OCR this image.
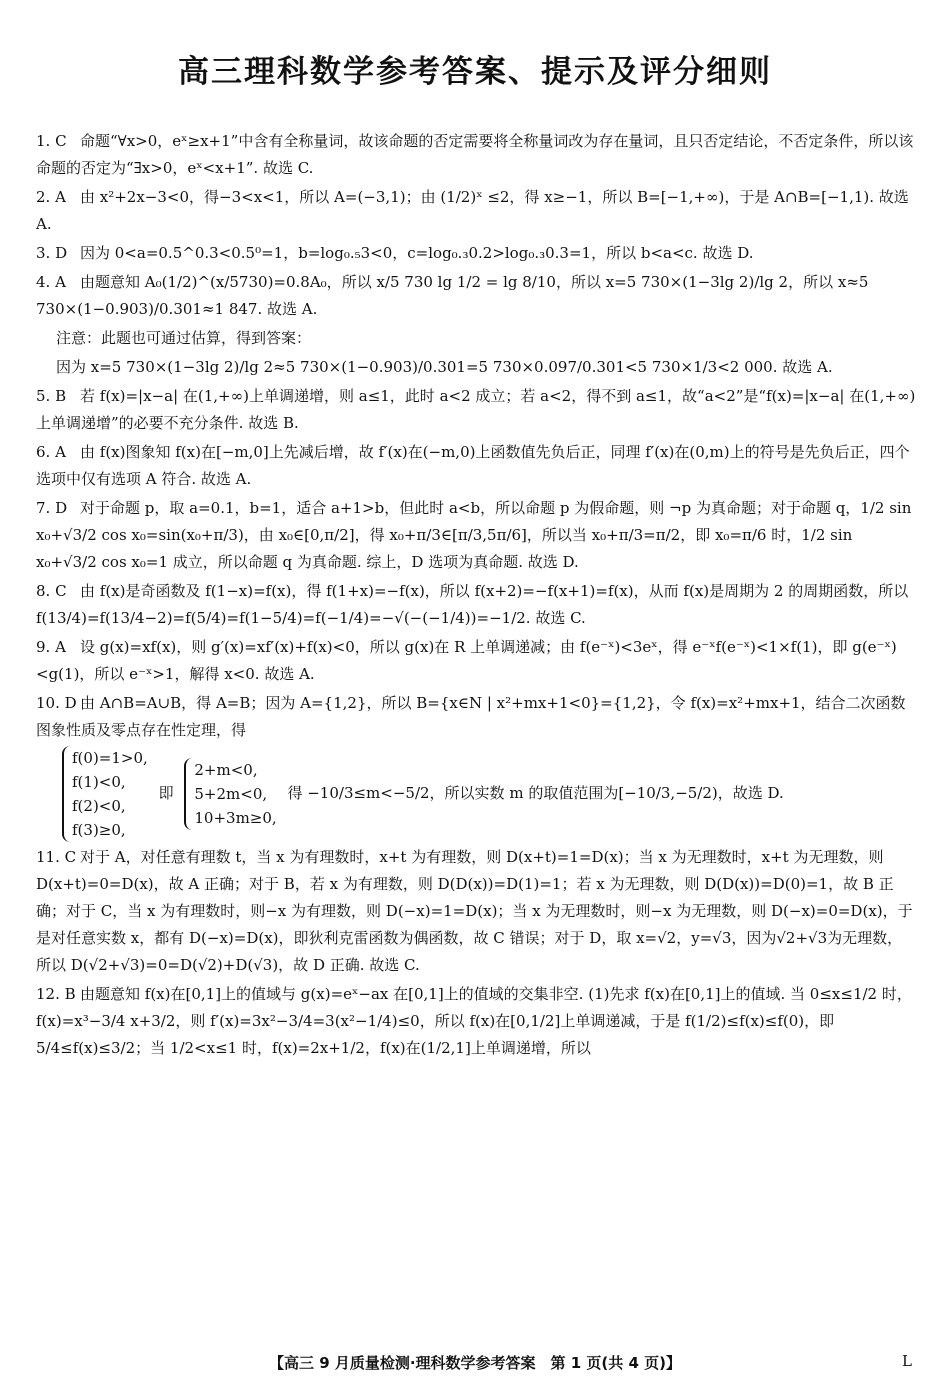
高三理科数学参考答案、提示及评分细则
1. C 命题“∀x>0，eˣ≥x+1”中含有全称量词，故该命题的否定需要将全称量词改为存在量词，且只否定结论，不否定条件，所以该命题的否定为“∃x>0，eˣ<x+1”. 故选 C.
2. A 由 x²+2x−3<0，得−3<x<1，所以 A=(−3,1)；由 (1/2)ˣ ≤2，得 x≥−1，所以 B=[−1,+∞)，于是 A∩B=[−1,1). 故选 A.
3. D 因为 0<a=0.5^0.3<0.5⁰=1，b=log₀.₅3<0，c=log₀.₃0.2>log₀.₃0.3=1，所以 b<a<c. 故选 D.
4. A 由题意知 A₀(1/2)^(x/5730)=0.8A₀，所以 x/5 730 lg 1/2 = lg 8/10，所以 x=5 730×(1−3lg 2)/lg 2，所以 x≈5 730×(1−0.903)/0.301≈1 847. 故选 A.
注意：此题也可通过估算，得到答案：
因为 x=5 730×(1−3lg 2)/lg 2≈5 730×(1−0.903)/0.301=5 730×0.097/0.301<5 730×1/3<2 000. 故选 A.
5. B 若 f(x)=|x−a| 在(1,+∞)上单调递增，则 a≤1，此时 a<2 成立；若 a<2，得不到 a≤1，故“a<2”是“f(x)=|x−a| 在(1,+∞)上单调递增”的必要不充分条件. 故选 B.
6. A 由 f(x)图象知 f(x)在[−m,0]上先减后增，故 f′(x)在(−m,0)上函数值先负后正，同理 f′(x)在(0,m)上的符号是先负后正，四个选项中仅有选项 A 符合. 故选 A.
7. D 对于命题 p，取 a=0.1，b=1，适合 a+1>b，但此时 a<b，所以命题 p 为假命题，则 ¬p 为真命题；对于命题 q，1/2 sin x₀+√3/2 cos x₀=sin(x₀+π/3)，由 x₀∈[0,π/2]，得 x₀+π/3∈[π/3,5π/6]，所以当 x₀+π/3=π/2，即 x₀=π/6 时，1/2 sin x₀+√3/2 cos x₀=1 成立，所以命题 q 为真命题. 综上，D 选项为真命题. 故选 D.
8. C 由 f(x)是奇函数及 f(1−x)=f(x)，得 f(1+x)=−f(x)，所以 f(x+2)=−f(x+1)=f(x)，从而 f(x)是周期为 2 的周期函数，所以 f(13/4)=f(13/4−2)=f(5/4)=f(1−5/4)=f(−1/4)=−√(−(−1/4))=−1/2. 故选 C.
9. A 设 g(x)=xf(x)，则 g′(x)=xf′(x)+f(x)<0，所以 g(x)在 R 上单调递减；由 f(e⁻ˣ)<3eˣ，得 e⁻ˣf(e⁻ˣ)<1×f(1)，即 g(e⁻ˣ)<g(1)，所以 e⁻ˣ>1，解得 x<0. 故选 A.
10. D 由 A∩B=A∪B，得 A=B；因为 A={1,2}，所以 B={x∈N | x²+mx+1<0}={1,2}，令 f(x)=x²+mx+1，结合二次函数图象性质及零点存在性定理，得
f(0)=1>0,
f(1)<0,
f(2)<0,
f(3)≥0,
即
2+m<0,
5+2m<0,
10+3m≥0,
得 −10/3≤m<−5/2，所以实数 m 的取值范围为[−10/3,−5/2)，故选 D.
11. C 对于 A，对任意有理数 t，当 x 为有理数时，x+t 为有理数，则 D(x+t)=1=D(x)；当 x 为无理数时，x+t 为无理数，则 D(x+t)=0=D(x)，故 A 正确；对于 B，若 x 为有理数，则 D(D(x))=D(1)=1；若 x 为无理数，则 D(D(x))=D(0)=1，故 B 正确；对于 C，当 x 为有理数时，则−x 为有理数，则 D(−x)=1=D(x)；当 x 为无理数时，则−x 为无理数，则 D(−x)=0=D(x)，于是对任意实数 x，都有 D(−x)=D(x)，即狄利克雷函数为偶函数，故 C 错误；对于 D，取 x=√2，y=√3，因为√2+√3为无理数，所以 D(√2+√3)=0=D(√2)+D(√3)，故 D 正确. 故选 C.
12. B 由题意知 f(x)在[0,1]上的值域与 g(x)=eˣ−ax 在[0,1]上的值域的交集非空. (1)先求 f(x)在[0,1]上的值域. 当 0≤x≤1/2 时，f(x)=x³−3/4 x+3/2，则 f′(x)=3x²−3/4=3(x²−1/4)≤0，所以 f(x)在[0,1/2]上单调递减，于是 f(1/2)≤f(x)≤f(0)，即 5/4≤f(x)≤3/2；当 1/2<x≤1 时，f(x)=2x+1/2，f(x)在(1/2,1]上单调递增，所以
【高三 9 月质量检测·理科数学参考答案　第 1 页(共 4 页)】	L
